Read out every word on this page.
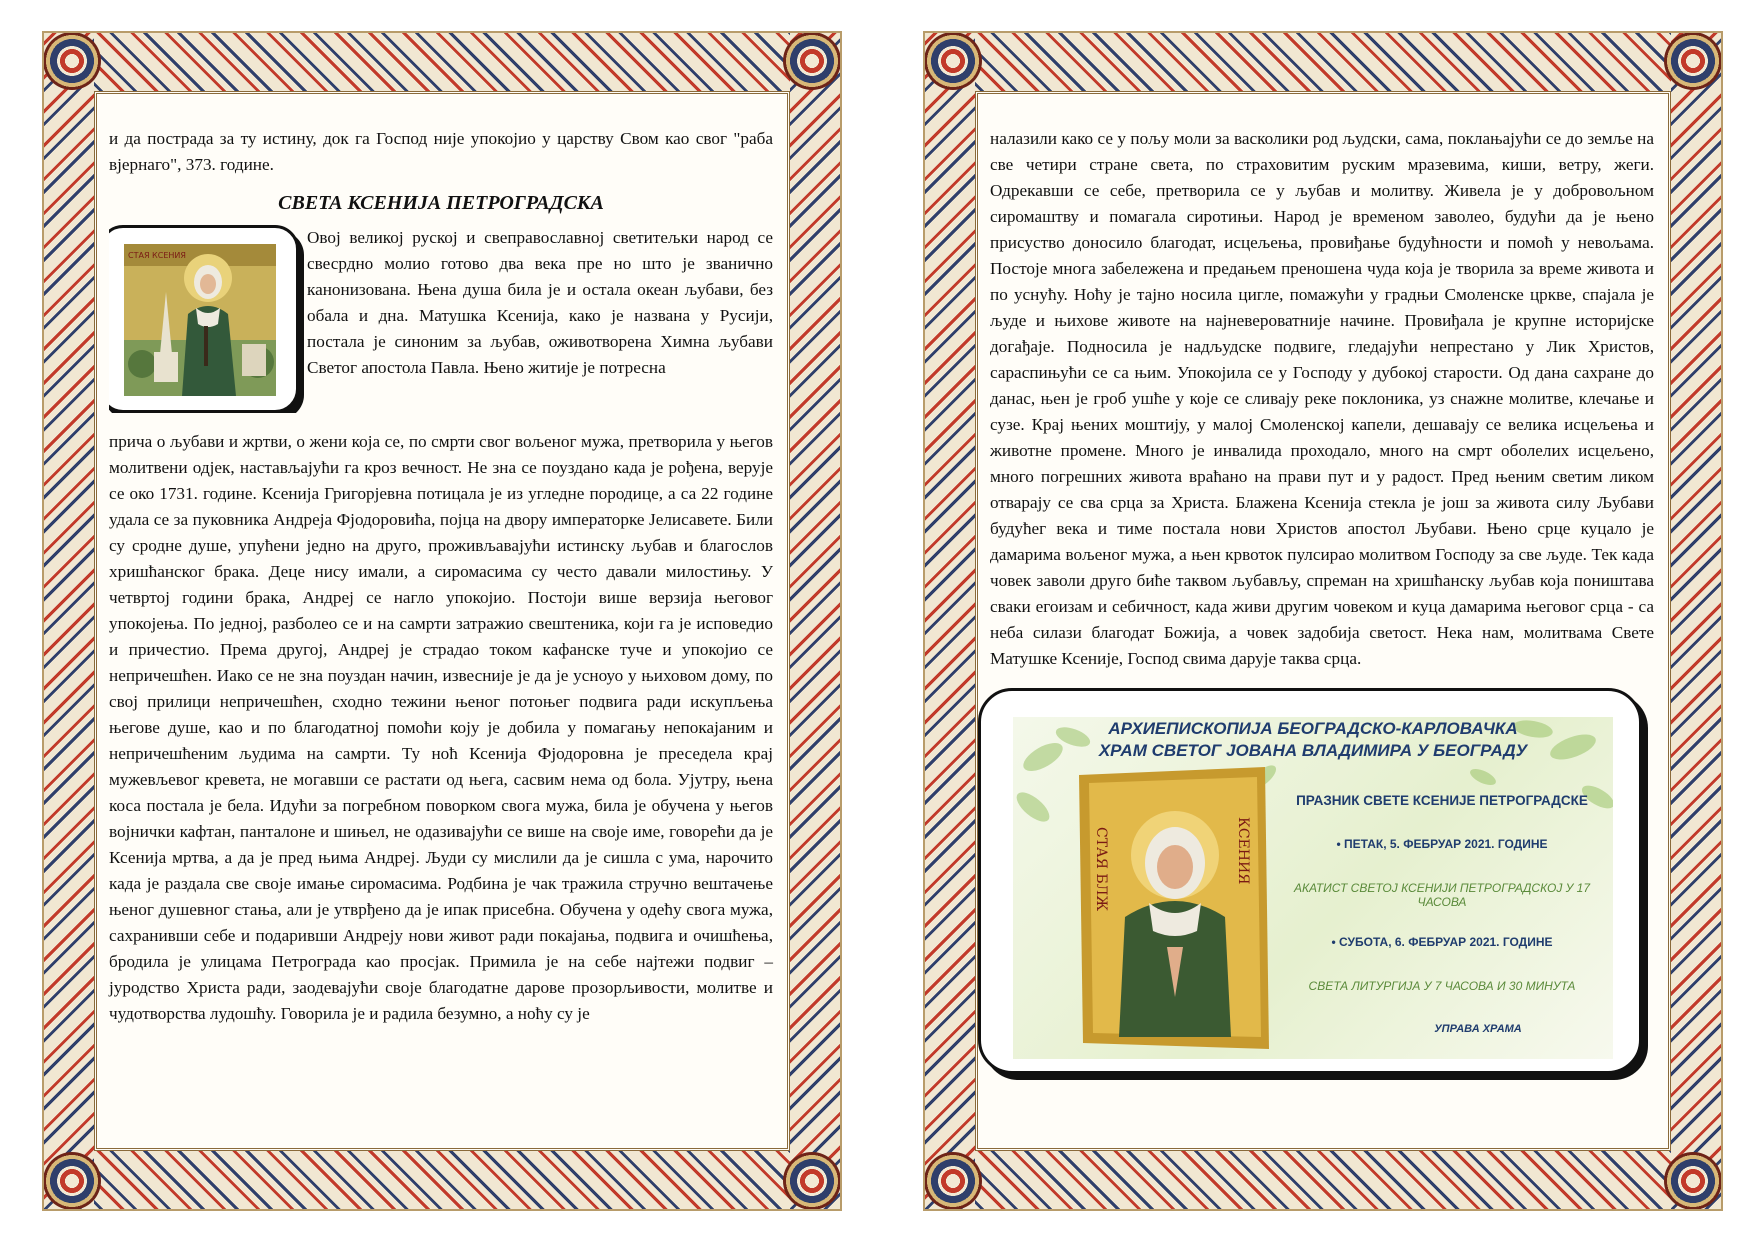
и да пострада за ту истину, док га Господ није упокојио у царству Свом као свог "раба вјернаго", 373. године.

СВЕТА КСЕНИЈА ПЕТРОГРАДСКА
СТАЯ КСЕНИЯ

Овој великој руској и свеправославној светитељки народ се свесрдно молио готово два века пре но што је званично канонизована. Њена душа била је и остала океан љубави, без обала и дна. Матушка Ксенија, како је названа у Русији, постала је синоним за љубав, оживотворена Химна љубави Светог апостола Павла. Њено житије је потресна

прича о љубави и жртви, о жени која се, по смрти свог вољеног мужа, претворила у његов молитвени одјек, настављајући га кроз вечност. Не зна се поуздано када је рођена, верује се око 1731. године. Ксенија Григорјевна потицала је из угледне породице, а са 22 године удала се за пуковника Андреја Фјодоровића, појца на двору императорке Јелисавете. Били су сродне душе, упућени једно на друго, проживљавајући истинску љубав и благослов хришћанског брака. Деце нису имали, а сиромасима су често давали милостињу. У четвртој години брака, Андреј се нагло упокојио. Постоји више верзија његовог упокојења. По једној, разболео се и на самрти затражио свештеника, који га је исповедио и причестио. Према другој, Андреј је страдао током кафанске туче и упокојио се непричешћен. Иако се не зна поуздан начин, извесније је да је усноуо у њиховом дому, по свој прилици непричешћен, сходно тежини њеног потоњег подвига ради искупљења његове душе, као и по благодатној помоћи коју је добила у помагању непокајаним и непричешћеним људима на самрти. Ту ноћ Ксенија Фјодоровна је преседела крај мужевљевог кревета, не могавши се растати од њега, сасвим нема од бола. Ујутру, њена коса постала је бела. Идући за погребном поворком свога мужа, била је обучена у његов војнички кафтан, панталоне и шињел, не одазивајући се више на своје име, говорећи да је Ксенија мртва, а да је пред њима Андреј. Људи су мислили да је сишла с ума, нарочито када је раздала све своје имање сиромасима. Родбина је чак тражила стручно вештачење њеног душевног стања, али је утврђено да је ипак присебна. Обучена у одећу свога мужа, сахранивши себе и подаривши Андреју нови живот ради покајања, подвига и очишћења, бродила је улицама Петрограда као просјак. Примила је на себе најтежи подвиг – јуродство Христа ради, заодевајући своје благодатне дарове прозорљивости, молитве и чудотворства лудошћу. Говорила је и радила безумно, а ноћу су је

налазили како се у пољу моли за васколики род људски, сама, поклањајући се до земље на све четири стране света, по страховитим руским мразевима, киши, ветру, жеги. Одрекавши се себе, претворила се у љубав и молитву. Живела је у добровољном сиромаштву и помагала сиротињи. Народ је временом заволео, будући да је њено присуство доносило благодат, исцељења, провиђање будућности и помоћ у невољама. Постоје многа забележена и предањем преношена чуда која је творила за време живота и по уснућу. Ноћу је тајно носила цигле, помажући у градњи Смоленске цркве, спајала је људе и њихове животе на најневероватније начине. Провиђала је крупне историјске догађаје. Подносила је надљудске подвиге, гледајући непрестано у Лик Христов, сараспињући се са њим. Упокојила се у Господу у дубокој старости. Од дана сахране до данас, њен је гроб ушће у које се сливају реке поклоника, уз снажне молитве, клечање и сузе. Крај њених моштију, у малој Смоленској капели, дешавају се велика исцељења и животне промене. Много је инвалида проходало, много на смрт оболелих исцељено, много погрешних живота враћано на прави пут и у радост. Пред њеним светим ликом отварају се сва срца за Христа. Блажена Ксенија стекла је још за живота силу Љубави будућег века и тиме постала нови Христов апостол Љубави. Њено срце куцало је дамарима вољеног мужа, а њен крвоток пулсирао молитвом Господу за све људе. Тек када човек заволи друго биће таквом љубављу, спреман на хришћанску љубав која поништава сваки егоизам и себичност, када живи другим човеком и куца дамарима његовог срца - са неба силази благодат Божија, а човек задобија светост. Нека нам, молитвама Свете Матушке Ксеније, Господ свима дарује таква срца.

АРХИЕПИСКОПИЈА БЕОГРАДСКО-КАРЛОВАЧКА
ХРАМ СВЕТОГ ЈОВАНА ВЛАДИМИРА У БЕОГРАДУ
СТАЯ БЛЖ	КСЕНИЯ
ПРАЗНИК СВЕТЕ КСЕНИЈЕ ПЕТРОГРАДСКЕ
• ПЕТАК, 5. ФЕБРУАР 2021. ГОДИНЕ
АКАТИСТ СВЕТОЈ КСЕНИЈИ ПЕТРОГРАДСКОЈ У 17 ЧАСОВА
• СУБОТА, 6. ФЕБРУАР 2021. ГОДИНЕ
СВЕТА ЛИТУРГИЈА У 7 ЧАСОВА И 30 МИНУТА
УПРАВА ХРАМА
